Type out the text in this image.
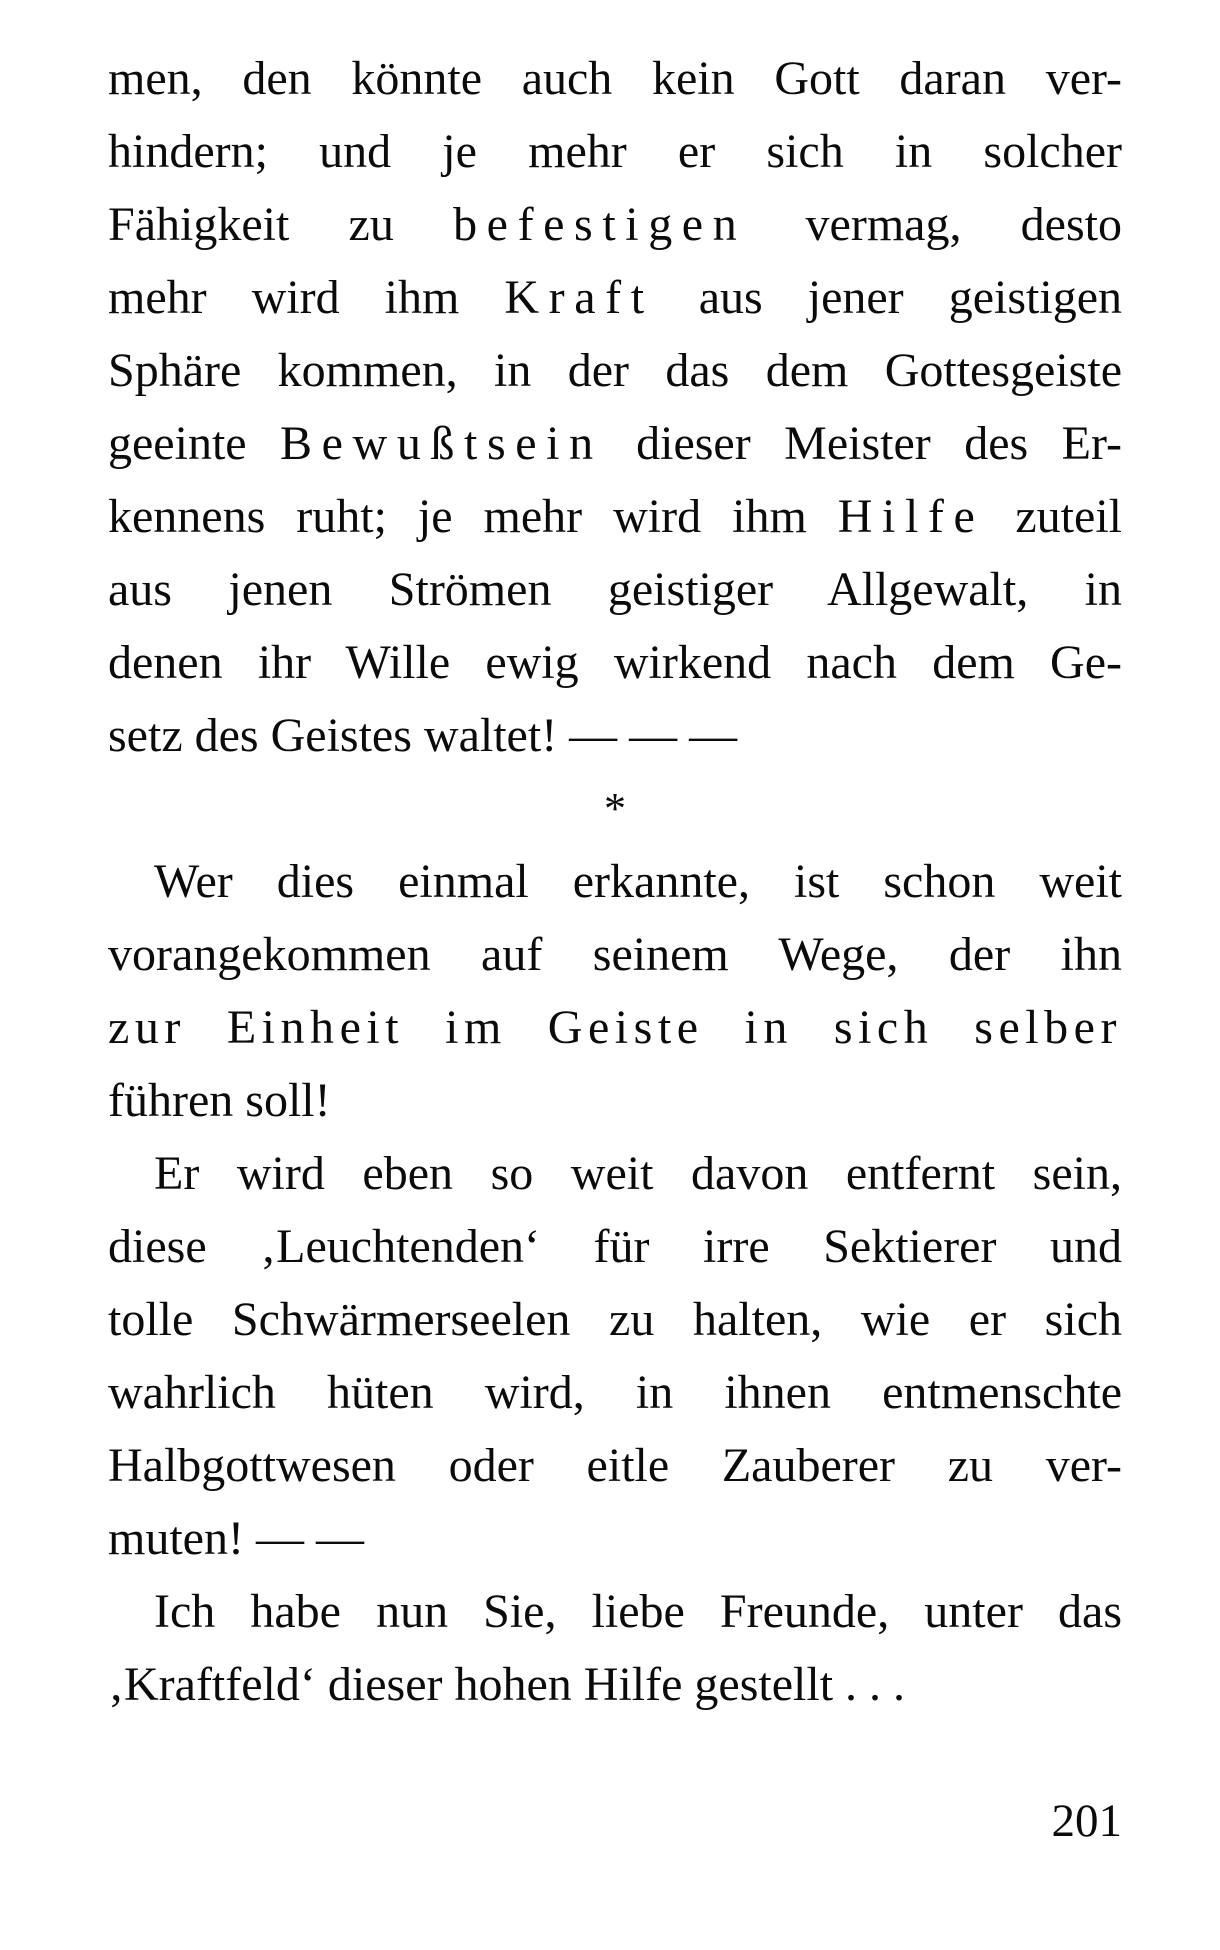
men, den könnte auch kein Gott daran ver-
hindern; und je mehr er sich in solcher
Fähigkeit zu befestigen vermag, desto
mehr wird ihm Kraft aus jener geistigen
Sphäre kommen, in der das dem Gottesgeiste
geeinte Bewußtsein dieser Meister des Er-
kennens ruht; je mehr wird ihm Hilfe zuteil
aus jenen Strömen geistiger Allgewalt, in
denen ihr Wille ewig wirkend nach dem Ge-
setz des Geistes waltet! — — —
*
Wer dies einmal erkannte, ist schon weit
vorangekommen auf seinem Wege, der ihn
zur Einheit im Geiste in sich selber
führen soll!
Er wird eben so weit davon entfernt sein,
diese ‚Leuchtenden‘ für irre Sektierer und
tolle Schwärmerseelen zu halten, wie er sich
wahrlich hüten wird, in ihnen entmenschte
Halbgottwesen oder eitle Zauberer zu ver-
muten! — —
Ich habe nun Sie, liebe Freunde, unter das
‚Kraftfeld‘ dieser hohen Hilfe gestellt . . .
201
